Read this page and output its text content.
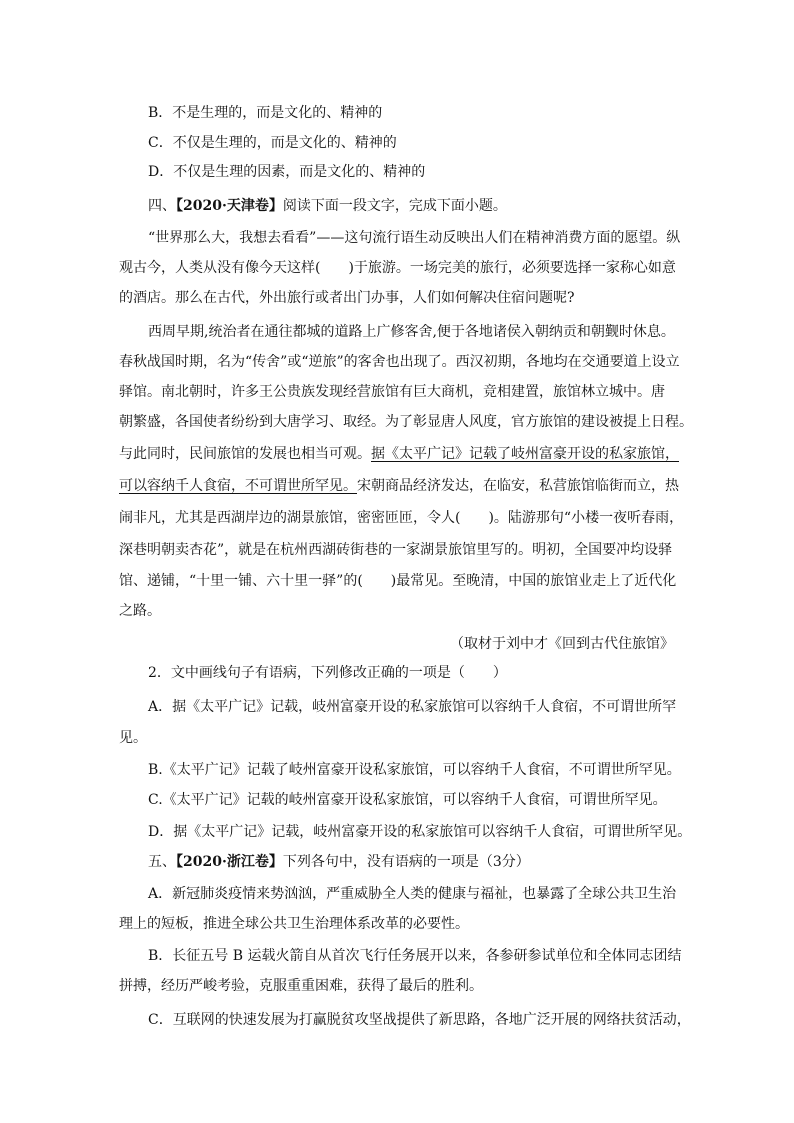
B．不是生理的，而是文化的、精神的
C．不仅是生理的，而是文化的、精神的
D．不仅是生理的因素，而是文化的、精神的
四、【2020·天津卷】阅读下面一段文字，完成下面小题。
“世界那么大，我想去看看”——这句流行语生动反映出人们在精神消费方面的愿望。纵
观古今，人类从没有像今天这样( )于旅游。一场完美的旅行，必须要选择一家称心如意
的酒店。那么在古代，外出旅行或者出门办事，人们如何解决住宿问题呢?
西周早期,统治者在通往都城的道路上广修客舍,便于各地诸侯入朝纳贡和朝觐时休息。
春秋战国时期，名为“传舍”或“逆旅”的客舍也出现了。西汉初期，各地均在交通要道上设立
驿馆。南北朝时，许多王公贵族发现经营旅馆有巨大商机，竞相建置，旅馆林立城中。唐
朝繁盛，各国使者纷纷到大唐学习、取经。为了彰显唐人风度，官方旅馆的建设被提上日程。
与此同时，民间旅馆的发展也相当可观。据《太平广记》记载了岐州富豪开设的私家旅馆，
可以容纳千人食宿，不可谓世所罕见。宋朝商品经济发达，在临安，私营旅馆临街而立，热
闹非凡，尤其是西湖岸边的湖景旅馆，密密匝匝，令人( )。陆游那句“小楼一夜听春雨，
深巷明朝卖杏花”，就是在杭州西湖砖街巷的一家湖景旅馆里写的。明初，全国要冲均设驿
馆、递铺，“十里一铺、六十里一驿”的( )最常见。至晚清，中国的旅馆业走上了近代化
之路。
（取材于刘中才《回到古代住旅馆》
2．文中画线句子有语病，下列修改正确的一项是（　　）
A．据《太平广记》记载，岐州富豪开设的私家旅馆可以容纳千人食宿，不可谓世所罕
见。
B.《太平广记》记载了岐州富豪开设私家旅馆，可以容纳千人食宿，不可谓世所罕见。
C.《太平广记》记载的岐州富豪开设私家旅馆，可以容纳千人食宿，可谓世所罕见。
D．据《太平广记》记载，岐州富豪开设的私家旅馆可以容纳千人食宿，可谓世所罕见。
五、【2020·浙江卷】下列各句中，没有语病的一项是（3分）
A．新冠肺炎疫情来势汹汹，严重威胁全人类的健康与福祉，也暴露了全球公共卫生治
理上的短板，推进全球公共卫生治理体系改革的必要性。
B．长征五号 B 运载火箭自从首次飞行任务展开以来，各参研参试单位和全体同志团结
拼搏，经历严峻考验，克服重重困难，获得了最后的胜利。
C．互联网的快速发展为打赢脱贫攻坚战提供了新思路，各地广泛开展的网络扶贫活动，
